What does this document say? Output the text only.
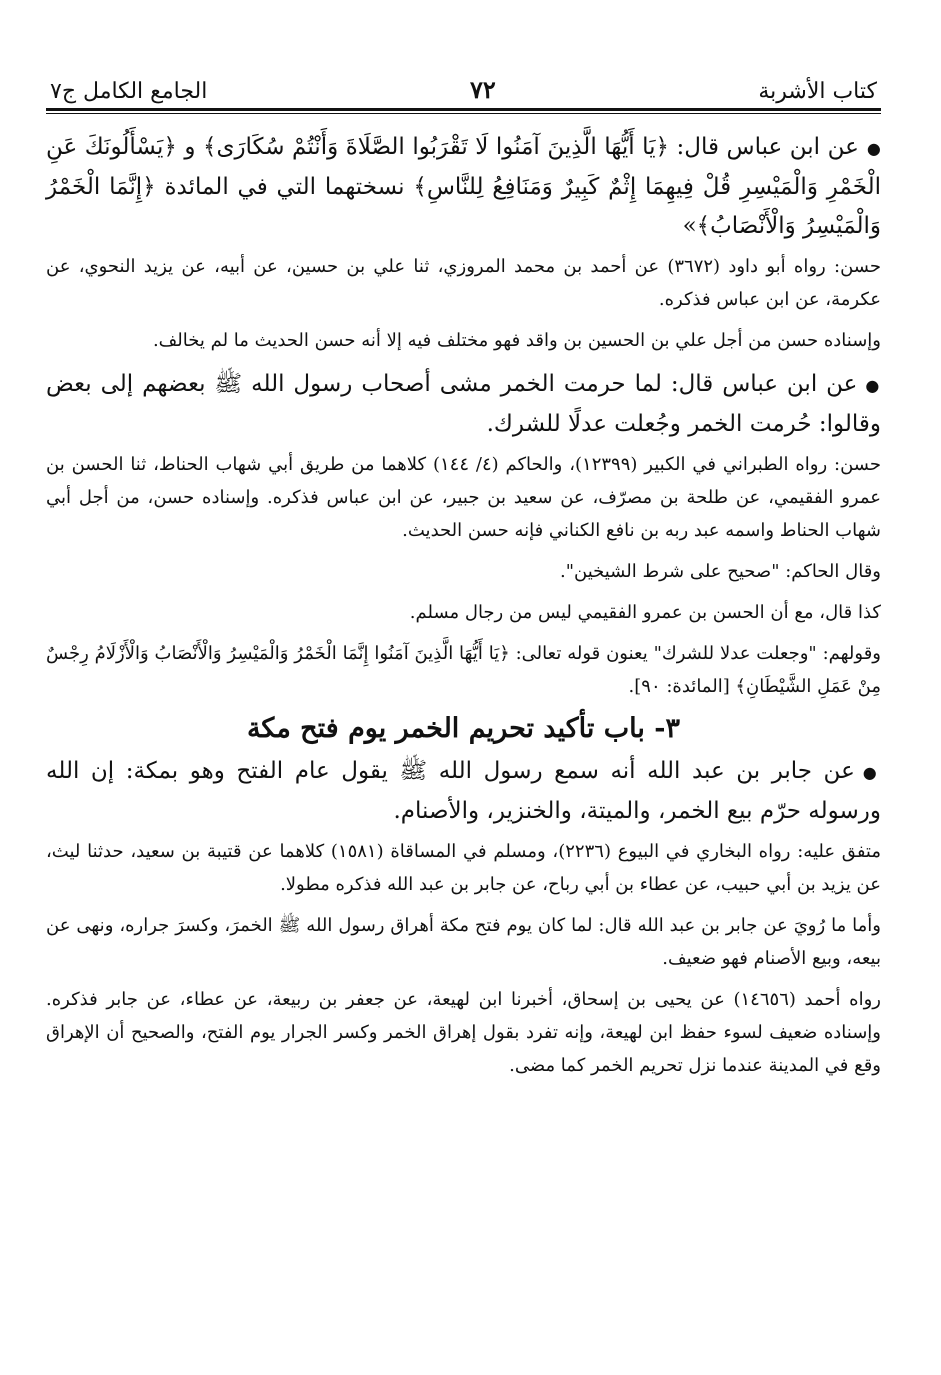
كتاب الأشربة
٧٢
الجامع الكامل ج٧

●عن ابن عباس قال: ﴿يَا أَيُّهَا الَّذِينَ آمَنُوا لَا تَقْرَبُوا الصَّلَاةَ وَأَنْتُمْ سُكَارَى﴾ و ﴿يَسْأَلُونَكَ عَنِ الْخَمْرِ وَالْمَيْسِرِ قُلْ فِيهِمَا إِثْمٌ كَبِيرٌ وَمَنَافِعُ لِلنَّاسِ﴾ نسختهما التي في المائدة ﴿إِنَّمَا الْخَمْرُ وَالْمَيْسِرُ وَالْأَنْصَابُ﴾»

حسن: رواه أبو داود (٣٦٧٢) عن أحمد بن محمد المروزي، ثنا علي بن حسين، عن أبيه، عن يزيد النحوي، عن عكرمة، عن ابن عباس فذكره.

وإسناده حسن من أجل علي بن الحسين بن واقد فهو مختلف فيه إلا أنه حسن الحديث ما لم يخالف.

●عن ابن عباس قال: لما حرمت الخمر مشى أصحاب رسول الله ﷺ بعضهم إلى بعض وقالوا: حُرمت الخمر وجُعلت عدلًا للشرك.

حسن: رواه الطبراني في الكبير (١٢٣٩٩)، والحاكم (٤/ ١٤٤) كلاهما من طريق أبي شهاب الحناط، ثنا الحسن بن عمرو الفقيمي، عن طلحة بن مصرّف، عن سعيد بن جبير، عن ابن عباس فذكره. وإسناده حسن، من أجل أبي شهاب الحناط واسمه عبد ربه بن نافع الكناني فإنه حسن الحديث.

وقال الحاكم: "صحيح على شرط الشيخين".

كذا قال، مع أن الحسن بن عمرو الفقيمي ليس من رجال مسلم.

وقولهم: "وجعلت عدلا للشرك" يعنون قوله تعالى: ﴿يَا أَيُّهَا الَّذِينَ آمَنُوا إِنَّمَا الْخَمْرُ وَالْمَيْسِرُ وَالْأَنْصَابُ وَالْأَزْلَامُ رِجْسٌ مِنْ عَمَلِ الشَّيْطَانِ﴾ [المائدة: ٩٠].

٣- باب تأكيد تحريم الخمر يوم فتح مكة

●عن جابر بن عبد الله أنه سمع رسول الله ﷺ يقول عام الفتح وهو بمكة: إن الله ورسوله حرّم بيع الخمر، والميتة، والخنزير، والأصنام.

متفق عليه: رواه البخاري في البيوع (٢٢٣٦)، ومسلم في المساقاة (١٥٨١) كلاهما عن قتيبة بن سعيد، حدثنا ليث، عن يزيد بن أبي حبيب، عن عطاء بن أبي رباح، عن جابر بن عبد الله فذكره مطولا.

وأما ما رُويَ عن جابر بن عبد الله قال: لما كان يوم فتح مكة أهراق رسول الله ﷺ الخمرَ، وكسرَ جراره، ونهى عن بيعه، وبيع الأصنام فهو ضعيف.

رواه أحمد (١٤٦٥٦) عن يحيى بن إسحاق، أخبرنا ابن لهيعة، عن جعفر بن ربيعة، عن عطاء، عن جابر فذكره. وإسناده ضعيف لسوء حفظ ابن لهيعة، وإنه تفرد بقول إهراق الخمر وكسر الجرار يوم الفتح، والصحيح أن الإهراق وقع في المدينة عندما نزل تحريم الخمر كما مضى.
